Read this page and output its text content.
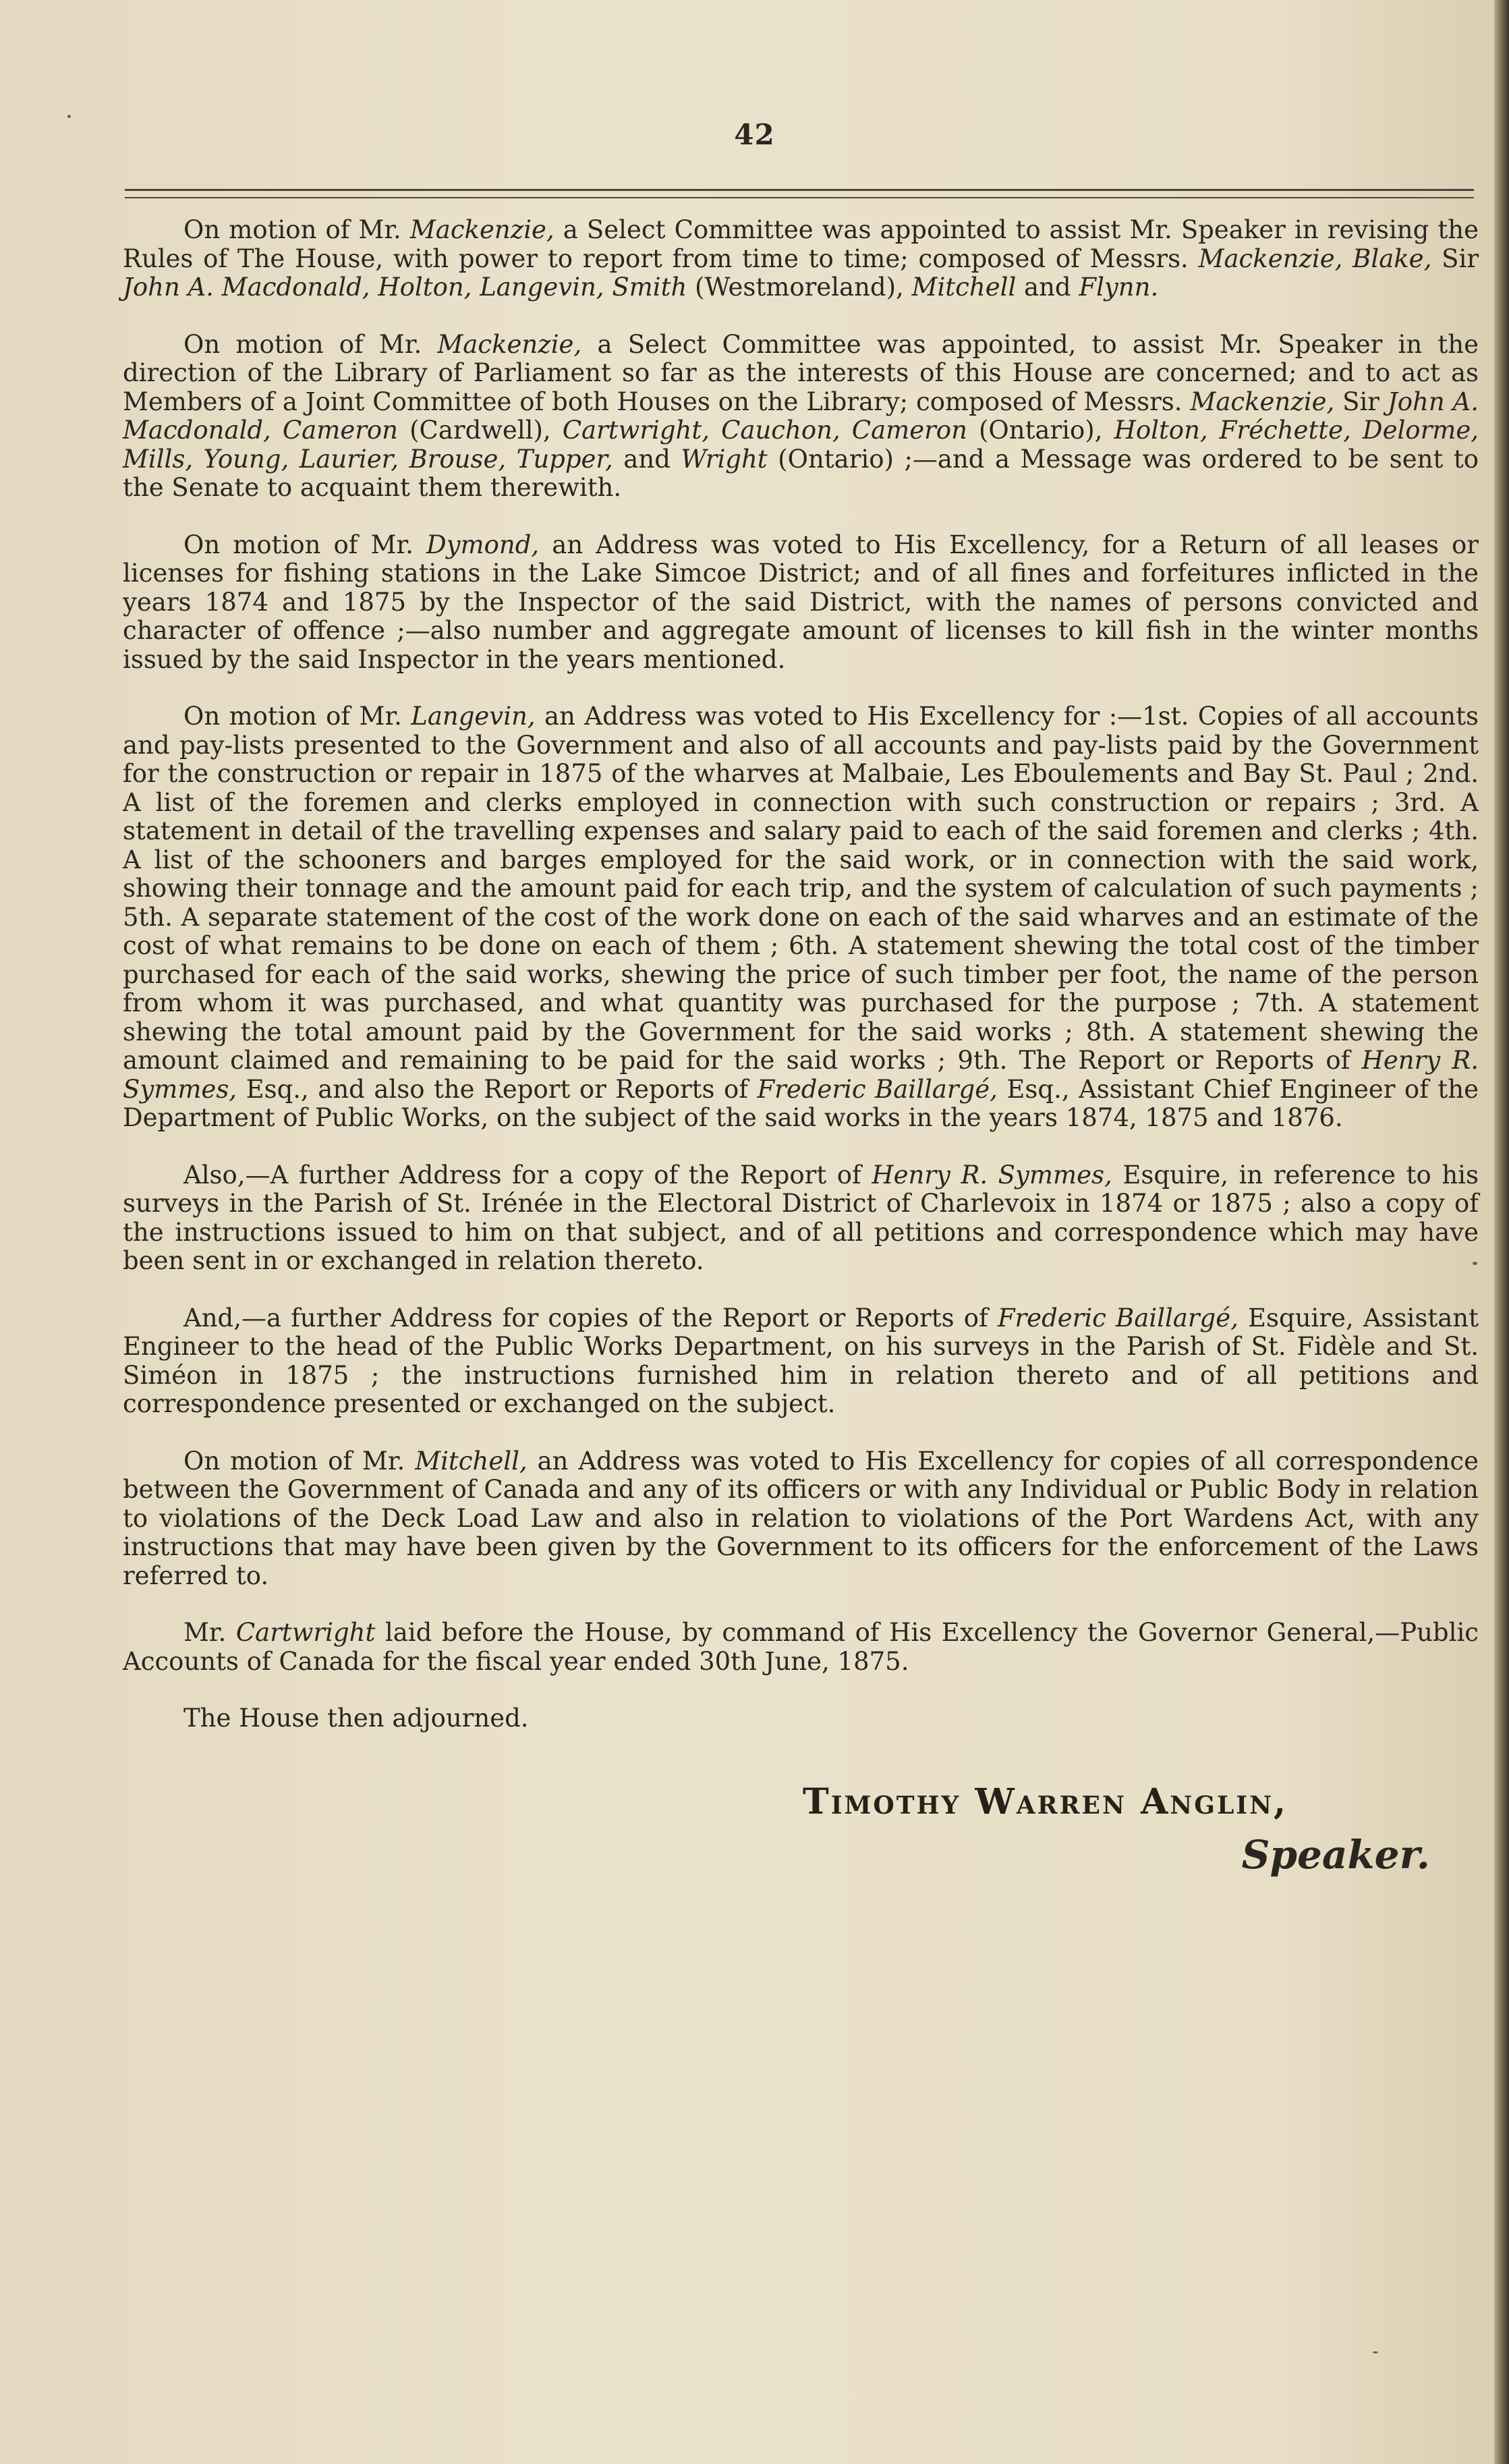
42

On motion of Mr. Mackenzie, a Select Committee was appointed to assist Mr. Speaker in revising the Rules of The House, with power to report from time to time; composed of Messrs. Mackenzie, Blake, Sir John A. Macdonald, Holton, Langevin, Smith (Westmoreland), Mitchell and Flynn.

On motion of Mr. Mackenzie, a Select Committee was appointed, to assist Mr. Speaker in the direction of the Library of Parliament so far as the interests of this House are concerned; and to act as Members of a Joint Committee of both Houses on the Library; composed of Messrs. Mackenzie, Sir John A. Macdonald, Cameron (Cardwell), Cartwright, Cauchon, Cameron (Ontario), Holton, Fréchette, Delorme, Mills, Young, Laurier, Brouse, Tupper, and Wright (Ontario) ;—and a Message was ordered to be sent to the Senate to acquaint them therewith.

On motion of Mr. Dymond, an Address was voted to His Excellency, for a Return of all leases or licenses for fishing stations in the Lake Simcoe District; and of all fines and forfeitures inflicted in the years 1874 and 1875 by the Inspector of the said District, with the names of persons convicted and character of offence ;—also number and aggregate amount of licenses to kill fish in the winter months issued by the said Inspector in the years mentioned.

On motion of Mr. Langevin, an Address was voted to His Excellency for :—1st. Copies of all accounts and pay-lists presented to the Government and also of all accounts and pay-lists paid by the Government for the construction or repair in 1875 of the wharves at Malbaie, Les Eboulements and Bay St. Paul ; 2nd. A list of the foremen and clerks employed in connection with such construction or repairs ; 3rd. A statement in detail of the travelling expenses and salary paid to each of the said foremen and clerks ; 4th. A list of the schooners and barges employed for the said work, or in connection with the said work, showing their tonnage and the amount paid for each trip, and the system of calculation of such payments ; 5th. A separate statement of the cost of the work done on each of the said wharves and an estimate of the cost of what remains to be done on each of them ; 6th. A statement shewing the total cost of the timber purchased for each of the said works, shewing the price of such timber per foot, the name of the person from whom it was purchased, and what quantity was purchased for the purpose ; 7th. A statement shewing the total amount paid by the Government for the said works ; 8th. A statement shewing the amount claimed and remaining to be paid for the said works ; 9th. The Report or Reports of Henry R. Symmes, Esq., and also the Report or Reports of Frederic Baillargé, Esq., Assistant Chief Engineer of the Department of Public Works, on the subject of the said works in the years 1874, 1875 and 1876.

Also,—A further Address for a copy of the Report of Henry R. Symmes, Esquire, in reference to his surveys in the Parish of St. Irénée in the Electoral District of Charlevoix in 1874 or 1875 ; also a copy of the instructions issued to him on that subject, and of all petitions and correspondence which may have been sent in or exchanged in relation thereto.

And,—a further Address for copies of the Report or Reports of Frederic Baillargé, Esquire, Assistant Engineer to the head of the Public Works Department, on his surveys in the Parish of St. Fidèle and St. Siméon in 1875 ; the instructions furnished him in relation thereto and of all petitions and correspondence presented or exchanged on the subject.

On motion of Mr. Mitchell, an Address was voted to His Excellency for copies of all correspondence between the Government of Canada and any of its officers or with any Individual or Public Body in relation to violations of the Deck Load Law and also in relation to violations of the Port Wardens Act, with any instructions that may have been given by the Government to its officers for the enforcement of the Laws referred to.

Mr. Cartwright laid before the House, by command of His Excellency the Governor General,—Public Accounts of Canada for the fiscal year ended 30th June, 1875.

The House then adjourned.

Timothy Warren Anglin,
Speaker.
